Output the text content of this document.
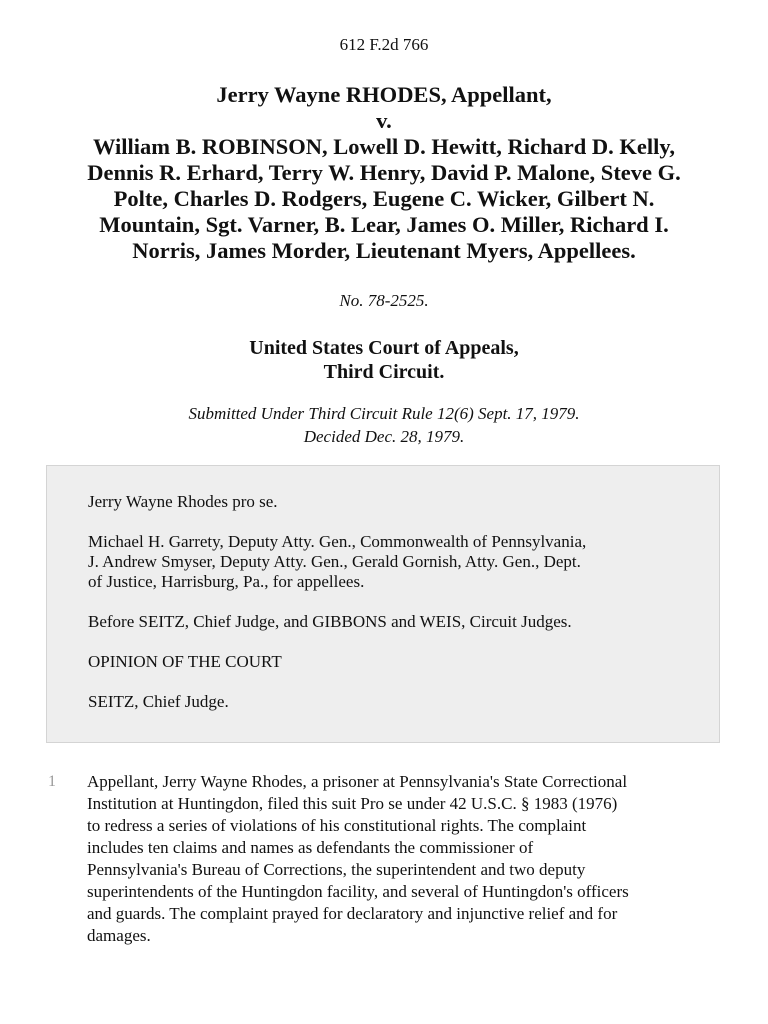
612 F.2d 766
Jerry Wayne RHODES, Appellant,
v.
William B. ROBINSON, Lowell D. Hewitt, Richard D. Kelly,
Dennis R. Erhard, Terry W. Henry, David P. Malone, Steve G.
Polte, Charles D. Rodgers, Eugene C. Wicker, Gilbert N.
Mountain, Sgt. Varner, B. Lear, James O. Miller, Richard I.
Norris, James Morder, Lieutenant Myers, Appellees.
No. 78-2525.
United States Court of Appeals,
Third Circuit.
Submitted Under Third Circuit Rule 12(6) Sept. 17, 1979.
Decided Dec. 28, 1979.

Jerry Wayne Rhodes pro se.

Michael H. Garrety, Deputy Atty. Gen., Commonwealth of Pennsylvania,
J. Andrew Smyser, Deputy Atty. Gen., Gerald Gornish, Atty. Gen., Dept.
of Justice, Harrisburg, Pa., for appellees.

Before SEITZ, Chief Judge, and GIBBONS and WEIS, Circuit Judges.

OPINION OF THE COURT

SEITZ, Chief Judge.

1 Appellant, Jerry Wayne Rhodes, a prisoner at Pennsylvania's State Correctional
Institution at Huntingdon, filed this suit Pro se under 42 U.S.C. § 1983 (1976)
to redress a series of violations of his constitutional rights. The complaint
includes ten claims and names as defendants the commissioner of
Pennsylvania's Bureau of Corrections, the superintendent and two deputy
superintendents of the Huntingdon facility, and several of Huntingdon's officers
and guards. The complaint prayed for declaratory and injunctive relief and for
damages.
